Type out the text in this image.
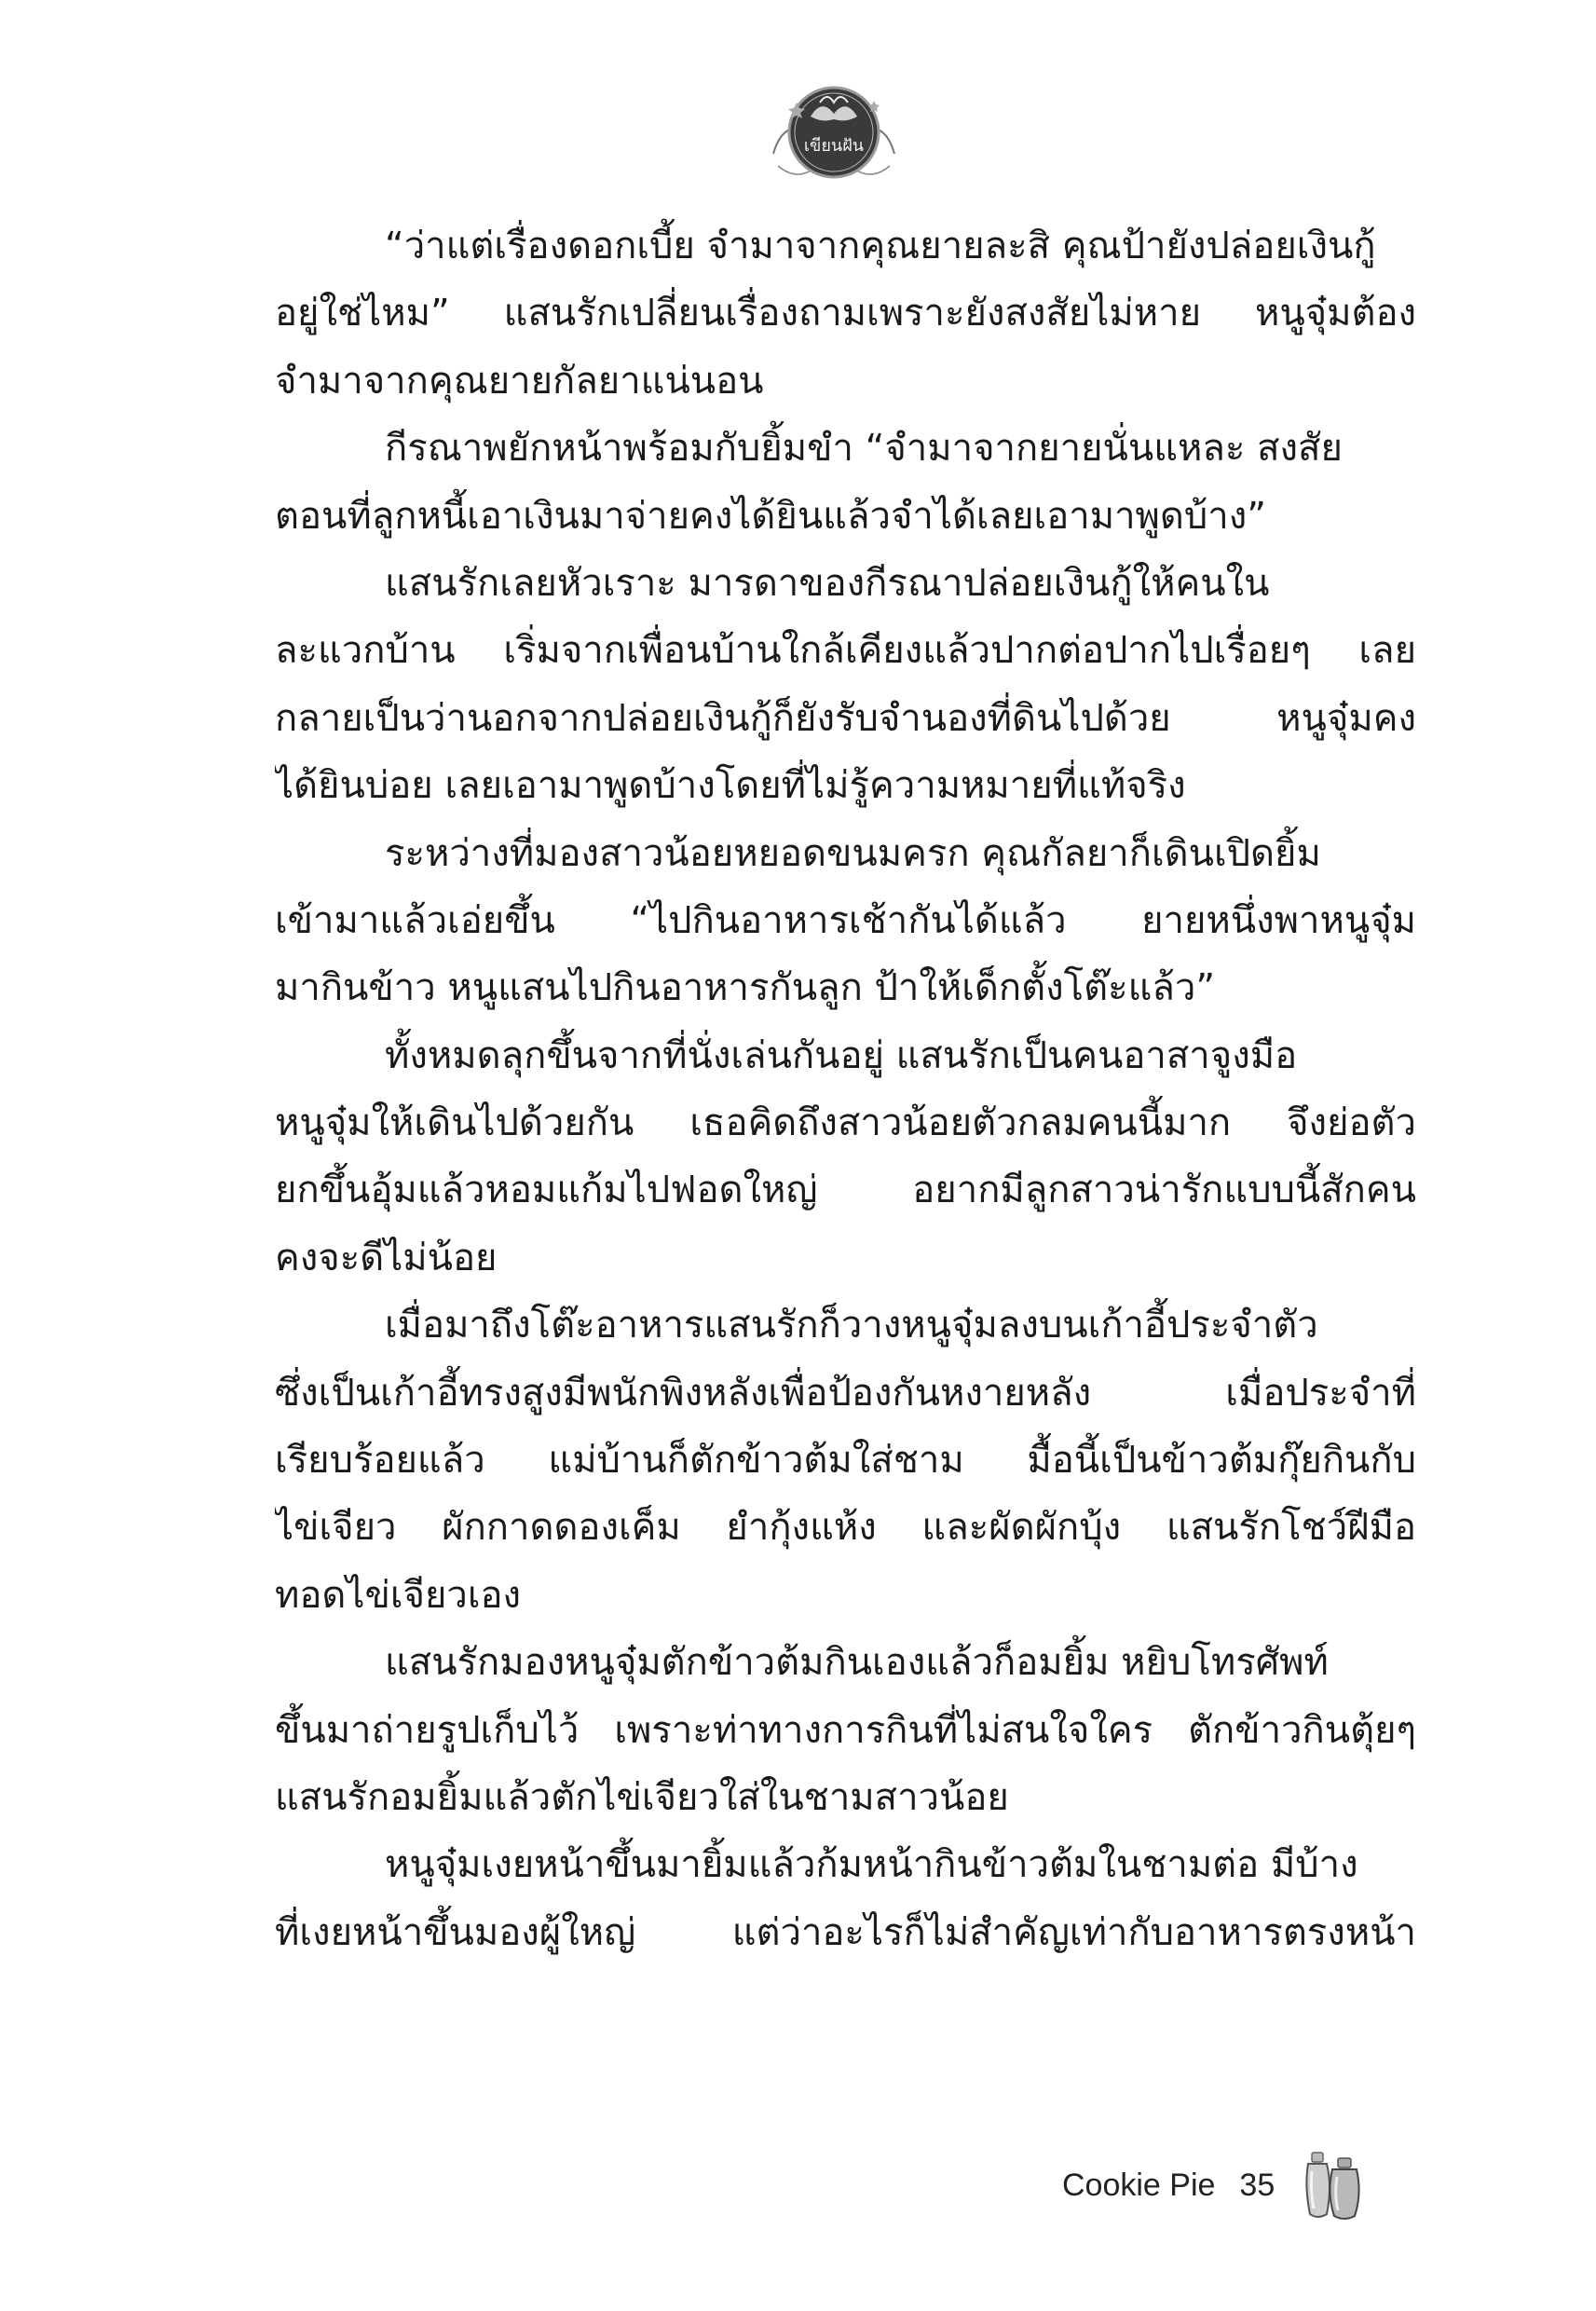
เขียนฝัน
“ว่าแต่เรื่องดอกเบี้ย จำมาจากคุณยายละสิ คุณป้ายังปล่อยเงินกู้
อยู่ใช่ไหม” แสนรักเปลี่ยนเรื่องถามเพราะยังสงสัยไม่หาย หนูจุ๋มต้อง
จำมาจากคุณยายกัลยาแน่นอน
กีรณาพยักหน้าพร้อมกับยิ้มขำ “จำมาจากยายนั่นแหละ สงสัย
ตอนที่ลูกหนี้เอาเงินมาจ่ายคงได้ยินแล้วจำได้เลยเอามาพูดบ้าง”
แสนรักเลยหัวเราะ มารดาของกีรณาปล่อยเงินกู้ให้คนใน
ละแวกบ้าน เริ่มจากเพื่อนบ้านใกล้เคียงแล้วปากต่อปากไปเรื่อยๆ เลย
กลายเป็นว่านอกจากปล่อยเงินกู้ก็ยังรับจำนองที่ดินไปด้วย หนูจุ๋มคง
ได้ยินบ่อย เลยเอามาพูดบ้างโดยที่ไม่รู้ความหมายที่แท้จริง
ระหว่างที่มองสาวน้อยหยอดขนมครก คุณกัลยาก็เดินเปิดยิ้ม
เข้ามาแล้วเอ่ยขึ้น “ไปกินอาหารเช้ากันได้แล้ว ยายหนึ่งพาหนูจุ๋ม
มากินข้าว หนูแสนไปกินอาหารกันลูก ป้าให้เด็กตั้งโต๊ะแล้ว”
ทั้งหมดลุกขึ้นจากที่นั่งเล่นกันอยู่ แสนรักเป็นคนอาสาจูงมือ
หนูจุ๋มให้เดินไปด้วยกัน เธอคิดถึงสาวน้อยตัวกลมคนนี้มาก จึงย่อตัว
ยกขึ้นอุ้มแล้วหอมแก้มไปฟอดใหญ่ อยากมีลูกสาวน่ารักแบบนี้สักคน
คงจะดีไม่น้อย
เมื่อมาถึงโต๊ะอาหารแสนรักก็วางหนูจุ๋มลงบนเก้าอี้ประจำตัว
ซึ่งเป็นเก้าอี้ทรงสูงมีพนักพิงหลังเพื่อป้องกันหงายหลัง เมื่อประจำที่
เรียบร้อยแล้ว แม่บ้านก็ตักข้าวต้มใส่ชาม มื้อนี้เป็นข้าวต้มกุ๊ยกินกับ
ไข่เจียว ผักกาดดองเค็ม ยำกุ้งแห้ง และผัดผักบุ้ง แสนรักโชว์ฝีมือ
ทอดไข่เจียวเอง
แสนรักมองหนูจุ๋มตักข้าวต้มกินเองแล้วก็อมยิ้ม หยิบโทรศัพท์
ขึ้นมาถ่ายรูปเก็บไว้ เพราะท่าทางการกินที่ไม่สนใจใคร ตักข้าวกินตุ้ยๆ
แสนรักอมยิ้มแล้วตักไข่เจียวใส่ในชามสาวน้อย
หนูจุ๋มเงยหน้าขึ้นมายิ้มแล้วก้มหน้ากินข้าวต้มในชามต่อ มีบ้าง
ที่เงยหน้าขึ้นมองผู้ใหญ่ แต่ว่าอะไรก็ไม่สำคัญเท่ากับอาหารตรงหน้า
Cookie Pie 35
